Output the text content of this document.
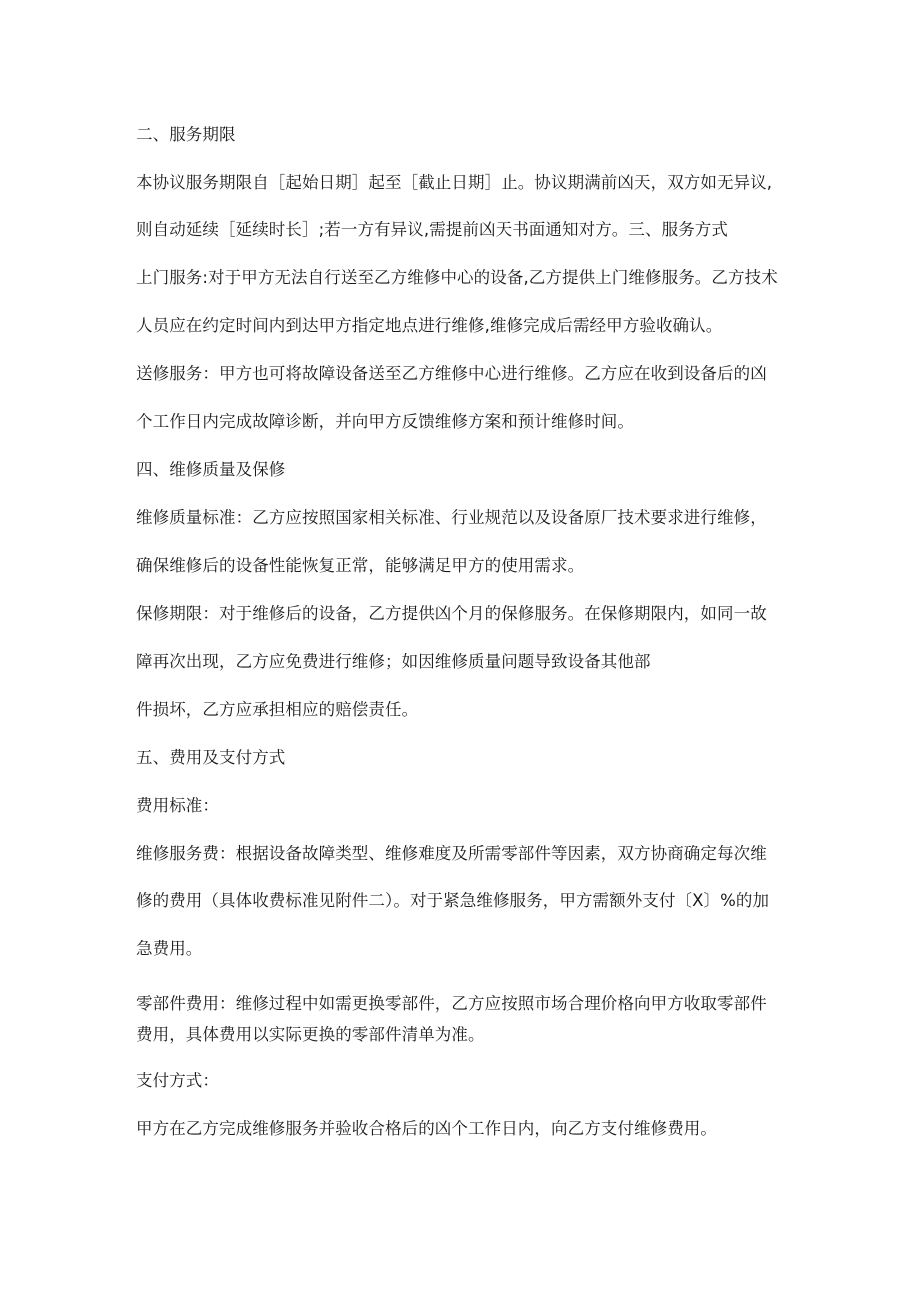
二、服务期限
本协议服务期限自［起始日期］起至［截止日期］止。协议期满前凶天，双方如无异议,
则自动延续［延续时长］;若一方有异议,需提前凶天书面通知对方。三、服务方式
上门服务:对于甲方无法自行送至乙方维修中心的设备,乙方提供上门维修服务。乙方技术
人员应在约定时间内到达甲方指定地点进行维修,维修完成后需经甲方验收确认。
送修服务：甲方也可将故障设备送至乙方维修中心进行维修。乙方应在收到设备后的凶
个工作日内完成故障诊断，并向甲方反馈维修方案和预计维修时间。
四、维修质量及保修
维修质量标准：乙方应按照国家相关标准、行业规范以及设备原厂技术要求进行维修，
确保维修后的设备性能恢复正常，能够满足甲方的使用需求。
保修期限：对于维修后的设备，乙方提供凶个月的保修服务。在保修期限内，如同一故
障再次出现，乙方应免费进行维修；如因维修质量问题导致设备其他部
件损坏，乙方应承担相应的赔偿责任。
五、费用及支付方式
费用标准：
维修服务费：根据设备故障类型、维修难度及所需零部件等因素，双方协商确定每次维
修的费用（具体收费标准见附件二）。对于紧急维修服务，甲方需额外支付〔X〕%的加
急费用。
零部件费用：维修过程中如需更换零部件，乙方应按照市场合理价格向甲方收取零部件
费用，具体费用以实际更换的零部件清单为准。
支付方式：
甲方在乙方完成维修服务并验收合格后的凶个工作日内，向乙方支付维修费用。
